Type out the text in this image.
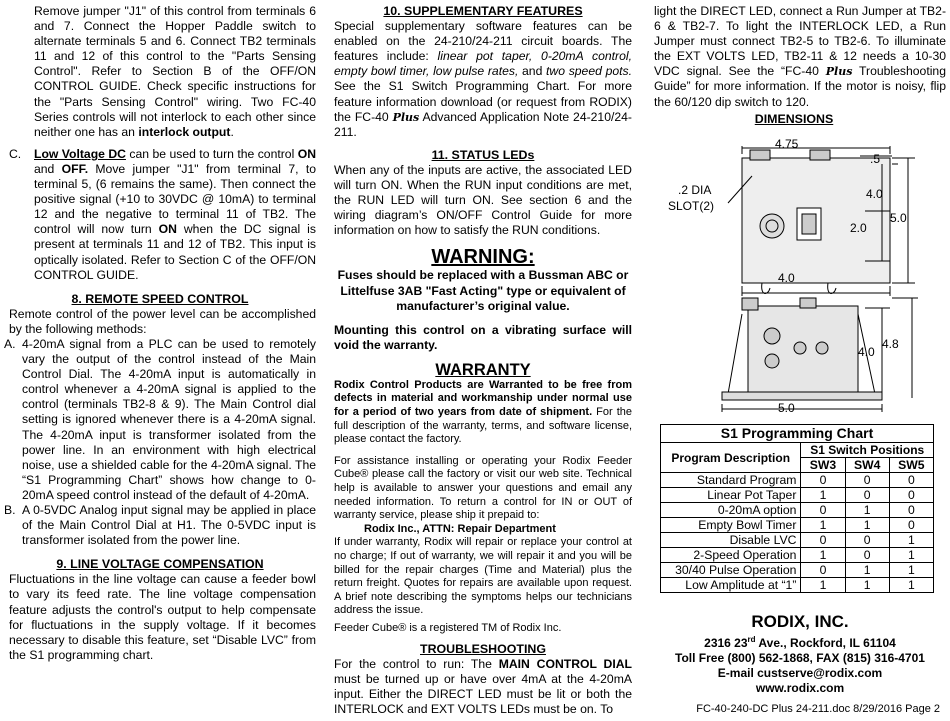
Remove jumper "J1" of this control from terminals 6 and 7. Connect the Hopper Paddle switch to alternate terminals 5 and 6. Connect TB2 terminals 11 and 12 of this control to the "Parts Sensing Control". Refer to Section B of the OFF/ON CONTROL GUIDE. Check specific instructions for the "Parts Sensing Control" wiring. Two FC-40 Series controls will not interlock to each other since neither one has an interlock output.

C. Low Voltage DC can be used to turn the control ON and OFF. Move jumper "J1" from terminal 7, to terminal 5, (6 remains the same). Then connect the positive signal (+10 to 30VDC @ 10mA) to terminal 12 and the negative to terminal 11 of TB2. The control will now turn ON when the DC signal is present at terminals 11 and 12 of TB2. This input is optically isolated. Refer to Section C of the OFF/ON CONTROL GUIDE.

8. REMOTE SPEED CONTROL

Remote control of the power level can be accomplished by the following methods:

A. 4-20mA signal from a PLC can be used to remotely vary the output of the control instead of the Main Control Dial. The 4-20mA input is automatically in control whenever a 4-20mA signal is applied to the control (terminals TB2-8 & 9). The Main Control dial setting is ignored whenever there is a 4-20mA signal. The 4-20mA input is transformer isolated from the power line. In an environment with high electrical noise, use a shielded cable for the 4-20mA signal. The “S1 Programming Chart” shows how change to 0-20mA speed control instead of the default of 4-20mA.

B. A 0-5VDC Analog input signal may be applied in place of the Main Control Dial at H1. The 0-5VDC input is transformer isolated from the power line.

9. LINE VOLTAGE COMPENSATION

Fluctuations in the line voltage can cause a feeder bowl to vary its feed rate. The line voltage compensation feature adjusts the control's output to help compensate for fluctuations in the supply voltage. If it becomes necessary to disable this feature, set “Disable LVC” from the S1 programming chart.

10. SUPPLEMENTARY FEATURES

Special supplementary software features can be enabled on the 24-210/24-211 circuit boards. The features include: linear pot taper, 0-20mA control, empty bowl timer, low pulse rates, and two speed pots. See the S1 Switch Programming Chart. For more feature information download (or request from RODIX) the FC-40 Plus Advanced Application Note 24-210/24-211.

11. STATUS LEDs

When any of the inputs are active, the associated LED will turn ON. When the RUN input conditions are met, the RUN LED will turn ON. See section 6 and the wiring diagram’s ON/OFF Control Guide for more information on how to satisfy the RUN conditions.

WARNING:

Fuses should be replaced with a Bussman ABC or Littelfuse 3AB "Fast Acting" type or equivalent of manufacturer’s original value.

Mounting this control on a vibrating surface will void the warranty.

WARRANTY

Rodix Control Products are Warranted to be free from defects in material and workmanship under normal use for a period of two years from date of shipment. For the full description of the warranty, terms, and software license, please contact the factory.

For assistance installing or operating your Rodix Feeder Cube® please call the factory or visit our web site. Technical help is available to answer your questions and email any needed information. To return a control for IN or OUT of warranty service, please ship it prepaid to:

Rodix Inc., ATTN: Repair Department

If under warranty, Rodix will repair or replace your control at no charge; If out of warranty, we will repair it and you will be billed for the repair charges (Time and Material) plus the return freight. Quotes for repairs are available upon request. A brief note describing the symptoms helps our technicians address the issue.

Feeder Cube® is a registered TM of Rodix Inc.

TROUBLESHOOTING

For the control to run: The MAIN CONTROL DIAL must be turned up or have over 4mA at the 4-20mA input. Either the DIRECT LED must be lit or both the INTERLOCK and EXT VOLTS LEDs must be on. To

light the DIRECT LED, connect a Run Jumper at TB2-6 & TB2-7. To light the INTERLOCK LED, a Run Jumper must connect TB2-5 to TB2-6. To illuminate the EXT VOLTS LED, TB2-11 & 12 needs a 10-30 VDC signal. See the “FC-40 Plus Troubleshooting Guide” for more information. If the motor is noisy, flip the 60/120 dip switch to 120.

DIMENSIONS

4.75
.5
.2 DIA
SLOT(2)
4.0
2.0
5.0
4.0
4.0
4.8
5.0
S1 Programming Chart			
Program Description	S1 Switch Positions		
	SW3	SW4	SW5
Standard Program	0	0	0
Linear Pot Taper	1	0	0
0-20mA option	0	1	0
Empty Bowl Timer	1	1	0
Disable LVC	0	0	1
2-Speed Operation	1	0	1
30/40 Pulse Operation	0	1	1
Low Amplitude at “1”	1	1	1

RODIX, INC.

2316 23rd Ave., Rockford, IL 61104

Toll Free (800) 562-1868, FAX (815) 316-4701

E-mail custserve@rodix.com

www.rodix.com

FC-40-240-DC Plus 24-211.doc 8/29/2016 Page 2
